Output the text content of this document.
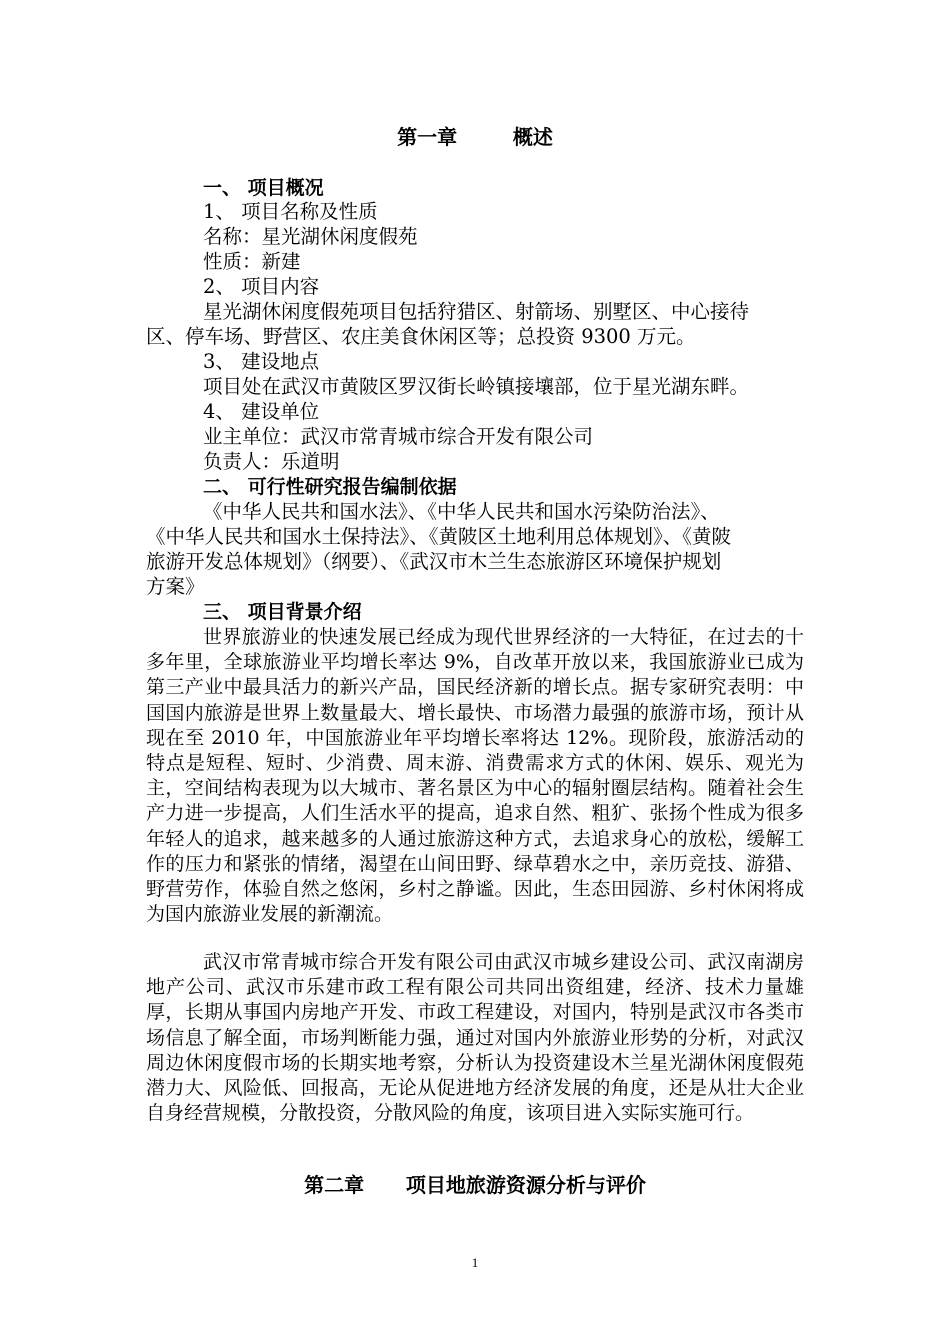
第一章        概述
一、 项目概况
1、 项目名称及性质
名称：星光湖休闲度假苑
性质：新建
2、 项目内容
星光湖休闲度假苑项目包括狩猎区、射箭场、别墅区、中心接待
区、停车场、野营区、农庄美食休闲区等；总投资 9300 万元。
3、 建设地点
项目处在武汉市黄陂区罗汉街长岭镇接壤部，位于星光湖东畔。
4、 建设单位
业主单位：武汉市常青城市综合开发有限公司
负责人：乐道明
二、 可行性研究报告编制依据
《中华人民共和国水法》、《中华人民共和国水污染防治法》、
《中华人民共和国水土保持法》、《黄陂区土地利用总体规划》、《黄陂
旅游开发总体规划》（纲要）、《武汉市木兰生态旅游区环境保护规划
方案》
三、 项目背景介绍

世界旅游业的快速发展已经成为现代世界经济的一大特征，在过去的十多年里，全球旅游业平均增长率达 9%，自改革开放以来，我国旅游业已成为第三产业中最具活力的新兴产品，国民经济新的增长点。据专家研究表明：中国国内旅游是世界上数量最大、增长最快、市场潜力最强的旅游市场，预计从现在至 2010 年，中国旅游业年平均增长率将达 12%。现阶段，旅游活动的特点是短程、短时、少消费、周末游、消费需求方式的休闲、娱乐、观光为主，空间结构表现为以大城市、著名景区为中心的辐射圈层结构。随着社会生产力进一步提高，人们生活水平的提高，追求自然、粗犷、张扬个性成为很多年轻人的追求，越来越多的人通过旅游这种方式，去追求身心的放松，缓解工作的压力和紧张的情绪，渴望在山间田野、绿草碧水之中，亲历竞技、游猎、野营劳作，体验自然之悠闲，乡村之静谧。因此，生态田园游、乡村休闲将成为国内旅游业发展的新潮流。

武汉市常青城市综合开发有限公司由武汉市城乡建设公司、武汉南湖房地产公司、武汉市乐建市政工程有限公司共同出资组建，经济、技术力量雄厚，长期从事国内房地产开发、市政工程建设，对国内，特别是武汉市各类市场信息了解全面，市场判断能力强，通过对国内外旅游业形势的分析，对武汉周边休闲度假市场的长期实地考察，分析认为投资建设木兰星光湖休闲度假苑潜力大、风险低、回报高，无论从促进地方经济发展的角度，还是从壮大企业自身经营规模，分散投资，分散风险的角度，该项目进入实际实施可行。

第二章      项目地旅游资源分析与评价
1
